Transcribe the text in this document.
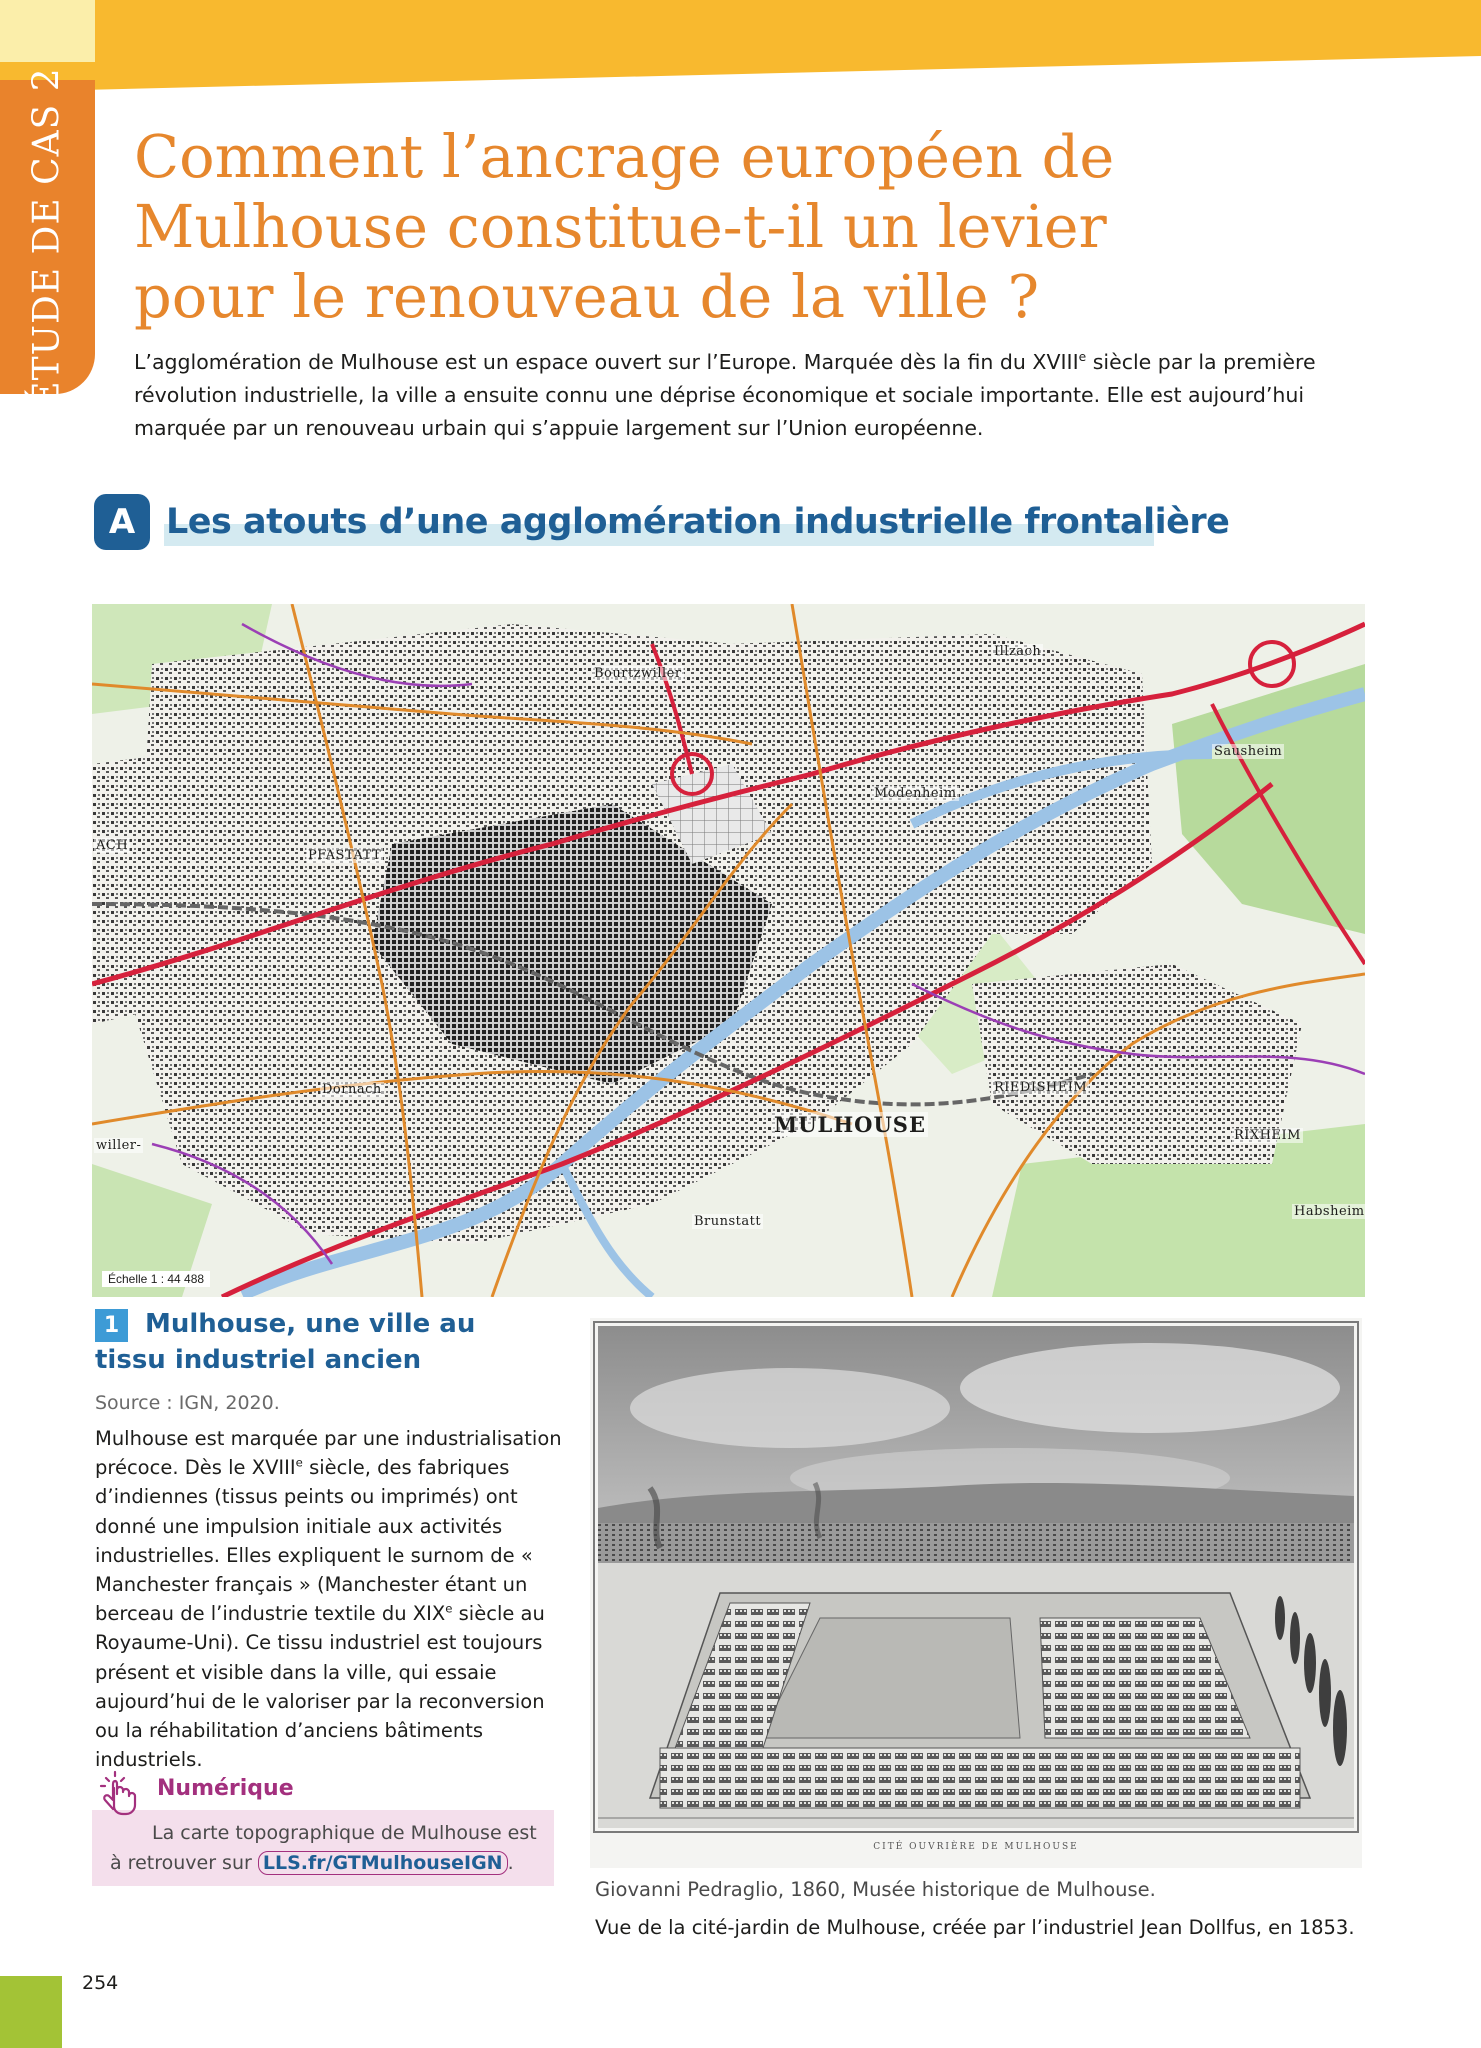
ÉTUDE DE CAS 2 Comment l’ancrage européen de Mulhouse constitue-t-il un levier pour le renouveau de la ville ?

L’agglomération de Mulhouse est un espace ouvert sur l’Europe. Marquée dès la fin du XVIIIe siècle par la première révolution industrielle, la ville a ensuite connu une déprise économique et sociale importante. Elle est aujourd’hui marquée par un renouveau urbain qui s’appuie largement sur l’Union européenne.

A Les atouts d’une agglomération industrielle frontalière
MULHOUSE
RIEDISHEIM
RIXHEIM
PFASTATT
Bourtzwiller
Modenheim
Dornach
Illzach
Sausheim
Brunstatt
ACH
willer-
Habsheim
Échelle 1 : 44 488
1 Mulhouse, une ville au tissu industriel ancien

Source : IGN, 2020.

Mulhouse est marquée par une industrialisation précoce. Dès le XVIIIe siècle, des fabriques d’indiennes (tissus peints ou imprimés) ont donné une impulsion initiale aux activités industrielles. Elles expliquent le surnom de « Manchester français » (Manchester étant un berceau de l’industrie textile du XIXe siècle au Royaume-Uni). Ce tissu industriel est toujours présent et visible dans la ville, qui essaie aujourd’hui de le valoriser par la reconversion ou la réhabilitation d’anciens bâtiments industriels.

Numérique

La carte topographique de Mulhouse est à retrouver sur LLS.fr/GTMulhouseIGN .

CITÉ OUVRIÈRE DE MULHOUSE

Giovanni Pedraglio, 1860, Musée historique de Mulhouse.

Vue de la cité-jardin de Mulhouse, créée par l’industriel Jean Dollfus, en 1853.

254
